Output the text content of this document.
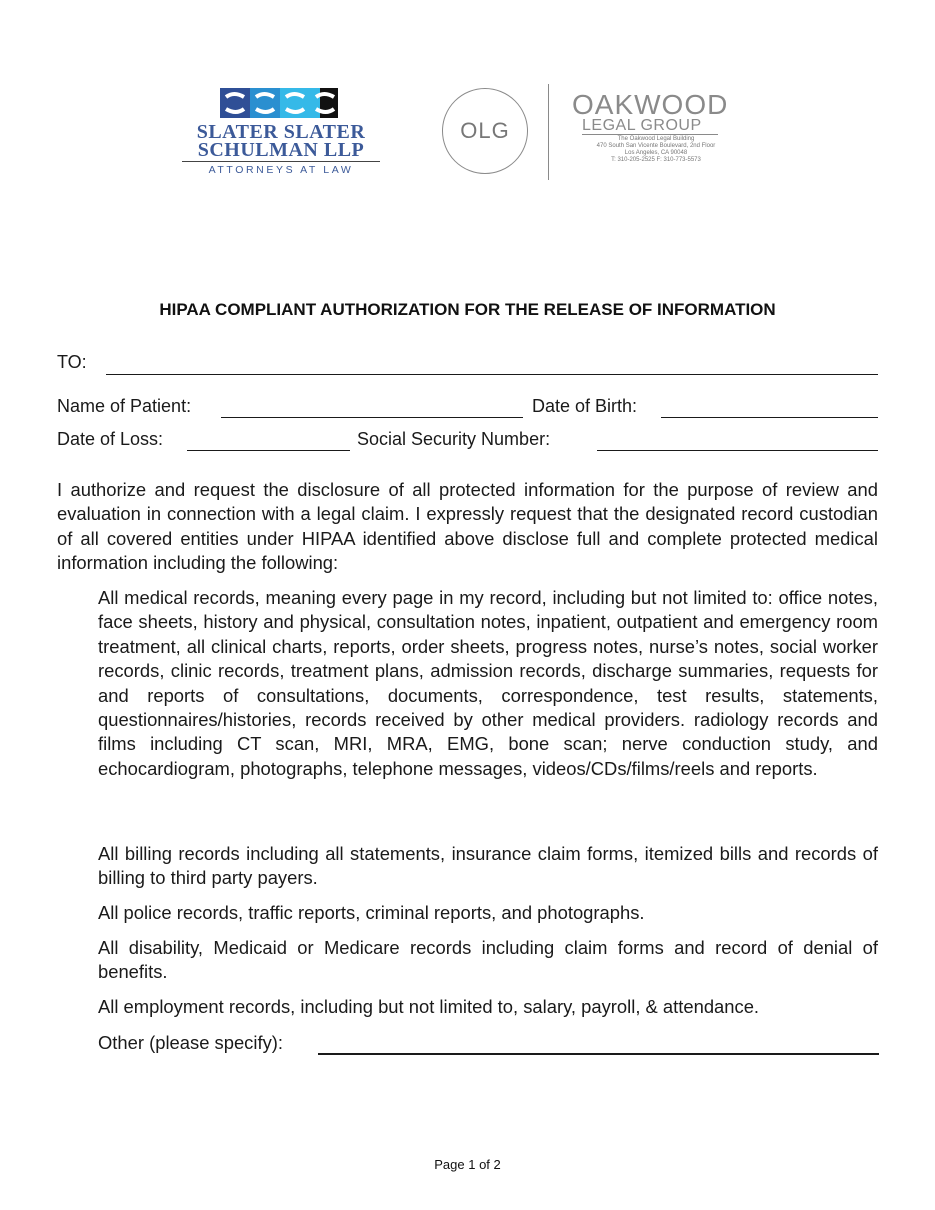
SLATER SLATER
SCHULMAN LLP
ATTORNEYS AT LAW
OLG
OAKWOOD
LEGAL GROUP
The Oakwood Legal Building
470 South San Vicente Boulevard, 2nd Floor
Los Angeles, CA 90048
T: 310-205-2525 F: 310-773-5573
HIPAA COMPLIANT AUTHORIZATION FOR THE RELEASE OF INFORMATION
TO:
Name of Patient:	Date of Birth:
Date of Loss:	Social Security Number:
I authorize and request the disclosure of all protected information for the purpose of review and evaluation in connection with a legal claim. I expressly request that the designated record custodian of all covered entities under HIPAA identified above disclose full and complete protected medical information including the following:
All medical records, meaning every page in my record, including but not limited to: office notes, face sheets, history and physical, consultation notes, inpatient, outpatient and emergency room treatment, all clinical charts, reports, order sheets, progress notes, nurse’s notes, social worker records, clinic records, treatment plans, admission records, discharge summaries, requests for and reports of consultations, documents, correspondence, test results, statements, questionnaires/histories, records received by other medical providers. radiology records and films including CT scan, MRI, MRA, EMG, bone scan; nerve conduction study, and echocardiogram, photographs, telephone messages, videos/CDs/films/reels and reports.
All billing records including all statements, insurance claim forms, itemized bills and records of billing to third party payers.
All police records, traffic reports, criminal reports, and photographs.
All disability, Medicaid or Medicare records including claim forms and record of denial of benefits.
All employment records, including but not limited to, salary, payroll, & attendance.
Other (please specify):
Page 1 of 2
